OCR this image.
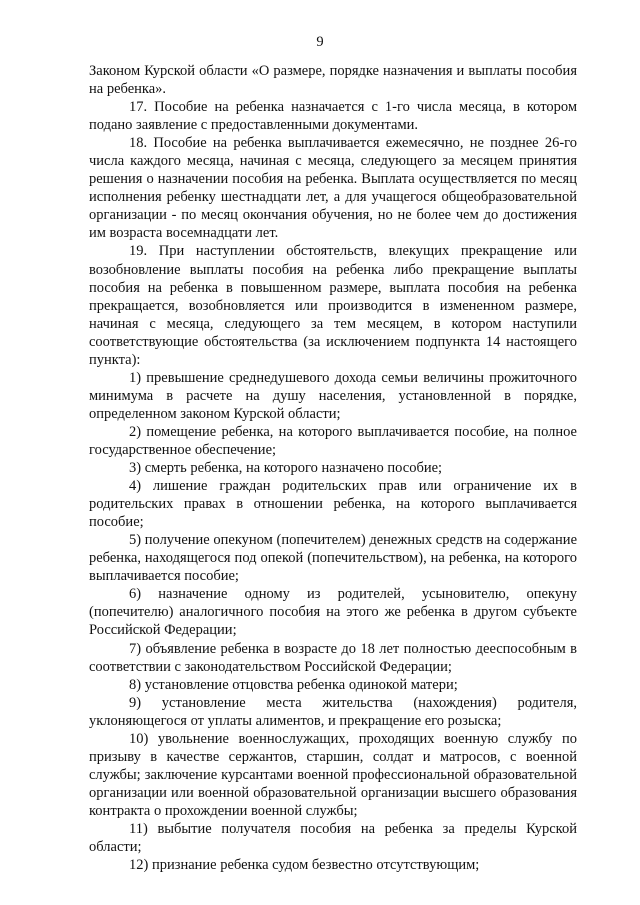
9

Законом Курской области «О размере, порядке назначения и выплаты пособия на ребенка».

17. Пособие на ребенка назначается с 1-го числа месяца, в котором подано заявление с предоставленными документами.

18. Пособие на ребенка выплачивается ежемесячно, не позднее 26-го числа каждого месяца, начиная с месяца, следующего за месяцем принятия решения о назначении пособия на ребенка. Выплата осуществляется по месяц исполнения ребенку шестнадцати лет, а для учащегося общеобразовательной организации - по месяц окончания обучения, но не более чем до достижения им возраста восемнадцати лет.

19. При наступлении обстоятельств, влекущих прекращение или возобновление выплаты пособия на ребенка либо прекращение выплаты пособия на ребенка в повышенном размере, выплата пособия на ребенка прекращается, возобновляется или производится в измененном размере, начиная с месяца, следующего за тем месяцем, в котором наступили соответствующие обстоятельства (за исключением подпункта 14 настоящего пункта):

1) превышение среднедушевого дохода семьи величины прожиточного минимума в расчете на душу населения, установленной в порядке, определенном законом Курской области;

2) помещение ребенка, на которого выплачивается пособие, на полное государственное обеспечение;

3) смерть ребенка, на которого назначено пособие;

4) лишение граждан родительских прав или ограничение их в родительских правах в отношении ребенка, на которого выплачивается пособие;

5) получение опекуном (попечителем) денежных средств на содержание ребенка, находящегося под опекой (попечительством), на ребенка, на которого выплачивается пособие;

6) назначение одному из родителей, усыновителю, опекуну (попечителю) аналогичного пособия на этого же ребенка в другом субъекте Российской Федерации;

7) объявление ребенка в возрасте до 18 лет полностью дееспособным в соответствии с законодательством Российской Федерации;

8) установление отцовства ребенка одинокой матери;

9) установление места жительства (нахождения) родителя, уклоняющегося от уплаты алиментов, и прекращение его розыска;

10) увольнение военнослужащих, проходящих военную службу по призыву в качестве сержантов, старшин, солдат и матросов, с военной службы; заключение курсантами военной профессиональной образовательной организации или военной образовательной организации высшего образования контракта о прохождении военной службы;

11) выбытие получателя пособия на ребенка за пределы Курской области;

12) признание ребенка судом безвестно отсутствующим;
